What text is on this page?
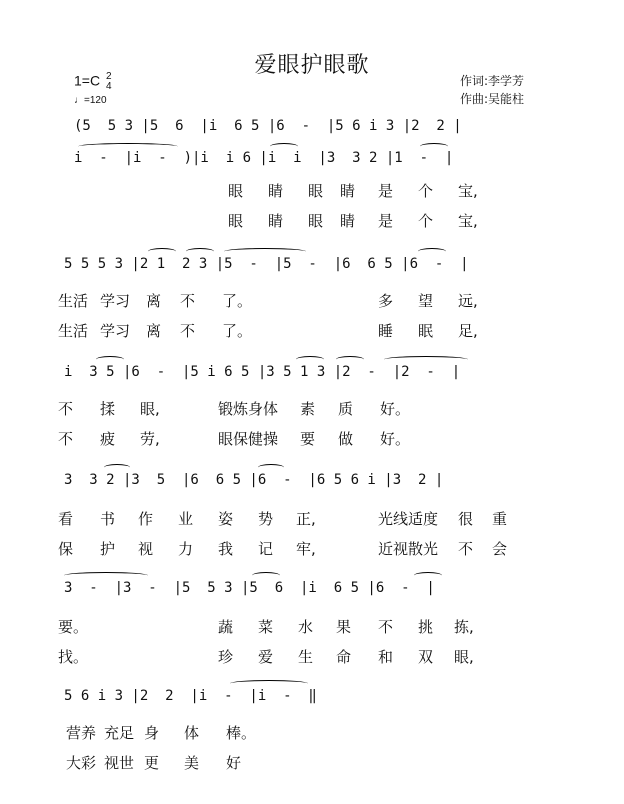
爱眼护眼歌
1=C 2
4
♩=120
作词:李学芳
作曲:吴能柱
(5  5 3 |5  6  |i  6 5 |6  -  |5 6 i 3 |2  2 |
i  -  |i  -  )|i  i 6 |i  i  |3  3 2 |1  -  |
5 5 5 3 |2 1  2 3 |5  -  |5  -  |6  6 5 |6  -  |
i  3 5 |6  -  |5 i 6 5 |3 5 1 3 |2  -  |2  -  |
3  3 2 |3  5  |6  6 5 |6  -  |6 5 6 i |3  2 |
3  -  |3  -  |5  5 3 |5  6  |i  6 5 |6  -  |
5 6 i 3 |2  2  |i  -  |i  -  ‖
眼 睛 眼 睛 是 个 宝,
眼 睛 眼 睛 是 个 宝,
生活 学习 离 不 了。	多 望 远,
生活 学习 离 不 了。	睡 眠 足,
不 揉 眼,	锻炼身体 素 质 好。
不 疲 劳,	眼保健操 要 做 好。
看 书 作 业 姿 势 正,	光线适度 很 重
保 护 视 力 我 记 牢,	近视散光 不 会
要。	蔬 菜 水 果 不 挑 拣,
找。	珍 爱 生 命 和 双 眼,
营养 充足 身 体 棒。
大彩 视世 更 美 好
